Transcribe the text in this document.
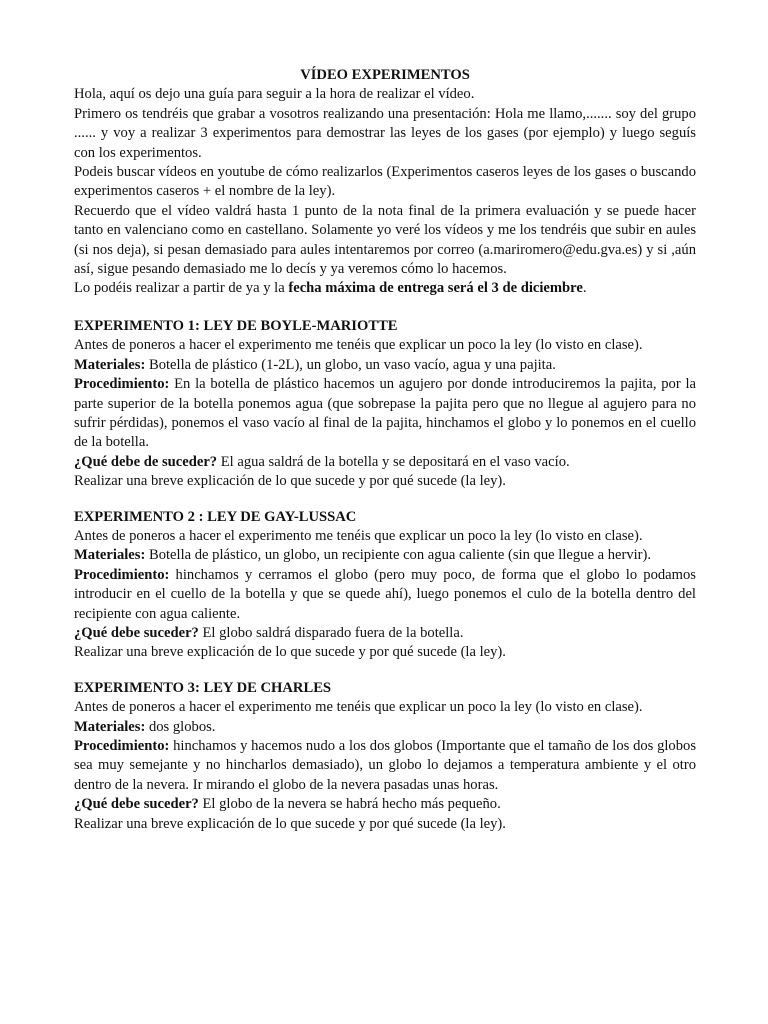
VÍDEO EXPERIMENTOS

Hola, aquí os dejo una guía para seguir a la hora de realizar el vídeo.

Primero os tendréis que grabar a vosotros realizando una presentación: Hola me llamo,....... soy del grupo ...... y voy a realizar 3 experimentos para demostrar las leyes de los gases (por ejemplo) y luego seguís con los experimentos.

Podeis buscar vídeos en youtube de cómo realizarlos (Experimentos caseros leyes de los gases o buscando experimentos caseros + el nombre de la ley).

Recuerdo que el vídeo valdrá hasta 1 punto de la nota final de la primera evaluación y se puede hacer tanto en valenciano como en castellano. Solamente yo veré los vídeos y me los tendréis que subir en aules (si nos deja), si pesan demasiado para aules intentaremos por correo (a.mariromero@edu.gva.es) y si ,aún así, sigue pesando demasiado me lo decís y ya veremos cómo lo hacemos.

Lo podéis realizar a partir de ya y la fecha máxima de entrega será el 3 de diciembre.

EXPERIMENTO 1: LEY DE BOYLE-MARIOTTE

Antes de poneros a hacer el experimento me tenéis que explicar un poco la ley (lo visto en clase).

Materiales: Botella de plástico (1-2L), un globo, un vaso vacío, agua y una pajita.

Procedimiento: En la botella de plástico hacemos un agujero por donde introduciremos la pajita, por la parte superior de la botella ponemos agua (que sobrepase la pajita pero que no llegue al agujero para no sufrir pérdidas), ponemos el vaso vacío al final de la pajita, hinchamos el globo y lo ponemos en el cuello de la botella.

¿Qué debe de suceder? El agua saldrá de la botella y se depositará en el vaso vacío.

Realizar una breve explicación de lo que sucede y por qué sucede (la ley).

EXPERIMENTO 2 : LEY DE GAY-LUSSAC

Antes de poneros a hacer el experimento me tenéis que explicar un poco la ley (lo visto en clase).

Materiales: Botella de plástico, un globo, un recipiente con agua caliente (sin que llegue a hervir).

Procedimiento: hinchamos y cerramos el globo (pero muy poco, de forma que el globo lo podamos introducir en el cuello de la botella y que se quede ahí), luego ponemos el culo de la botella dentro del recipiente con agua caliente.

¿Qué debe suceder? El globo saldrá disparado fuera de la botella.

Realizar una breve explicación de lo que sucede y por qué sucede (la ley).

EXPERIMENTO 3: LEY DE CHARLES

Antes de poneros a hacer el experimento me tenéis que explicar un poco la ley (lo visto en clase).

Materiales: dos globos.

Procedimiento: hinchamos y hacemos nudo a los dos globos (Importante que el tamaño de los dos globos sea muy semejante y no hincharlos demasiado), un globo lo dejamos a temperatura ambiente y el otro dentro de la nevera. Ir mirando el globo de la nevera pasadas unas horas.

¿Qué debe suceder? El globo de la nevera se habrá hecho más pequeño.

Realizar una breve explicación de lo que sucede y por qué sucede (la ley).
